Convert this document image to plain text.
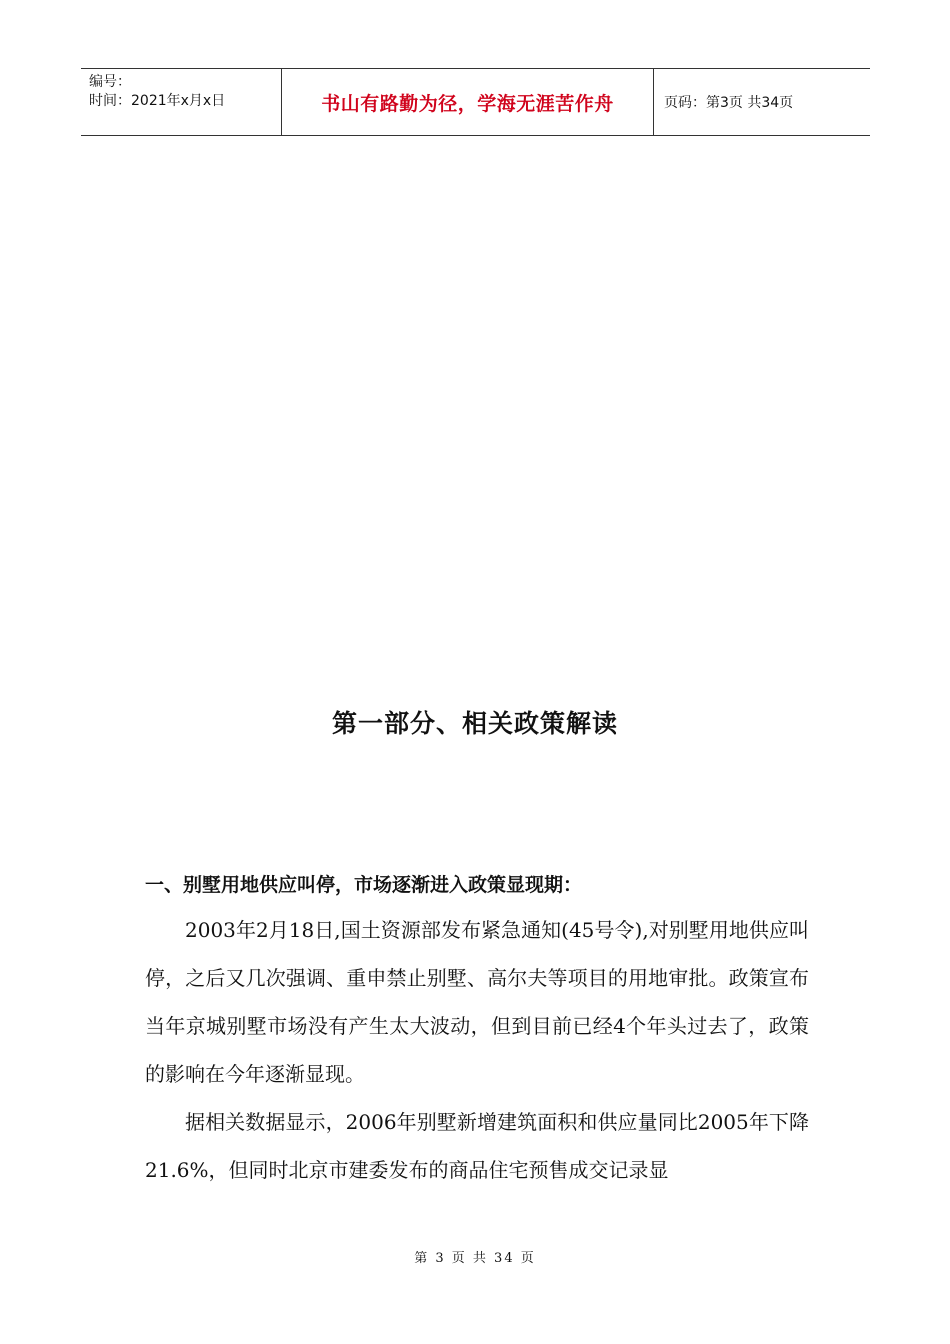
编号：
时间：2021年x月x日	书山有路勤为径，学海无涯苦作舟	页码：第3页 共34页
第一部分、相关政策解读
一、别墅用地供应叫停，市场逐渐进入政策显现期：

2003年2月18日,国土资源部发布紧急通知(45号令),对别墅用地供应叫停，之后又几次强调、重申禁止别墅、高尔夫等项目的用地审批。政策宣布当年京城别墅市场没有产生太大波动，但到目前已经4个年头过去了，政策的影响在今年逐渐显现。

据相关数据显示，2006年别墅新增建筑面积和供应量同比2005年下降21.6%，但同时北京市建委发布的商品住宅预售成交记录显

第 3 页 共 34 页
